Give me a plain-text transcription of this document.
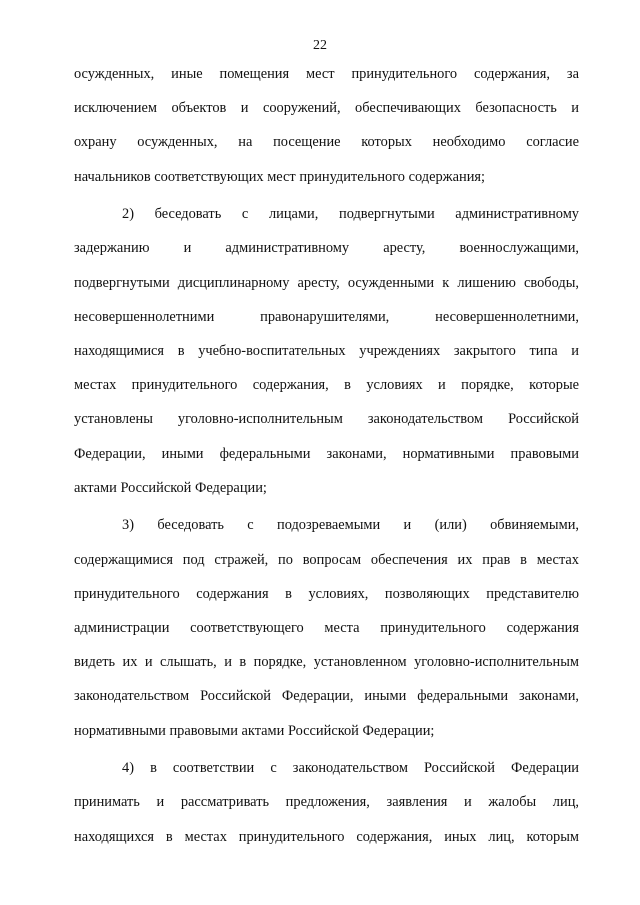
22
осужденных, иные помещения мест принудительного содержания, за
исключением объектов и сооружений, обеспечивающих безопасность и
охрану осужденных, на посещение которых необходимо согласие
начальников соответствующих мест принудительного содержания;
2) беседовать с лицами, подвергнутыми административному
задержанию и административному аресту, военнослужащими,
подвергнутыми дисциплинарному аресту, осужденными к лишению свободы,
несовершеннолетними правонарушителями, несовершеннолетними,
находящимися в учебно-воспитательных учреждениях закрытого типа и
местах принудительного содержания, в условиях и порядке, которые
установлены уголовно-исполнительным законодательством Российской
Федерации, иными федеральными законами, нормативными правовыми
актами Российской Федерации;
3) беседовать с подозреваемыми и (или) обвиняемыми,
содержащимися под стражей, по вопросам обеспечения их прав в местах
принудительного содержания в условиях, позволяющих представителю
администрации соответствующего места принудительного содержания
видеть их и слышать, и в порядке, установленном уголовно-исполнительным
законодательством Российской Федерации, иными федеральными законами,
нормативными правовыми актами Российской Федерации;
4) в соответствии с законодательством Российской Федерации
принимать и рассматривать предложения, заявления и жалобы лиц,
находящихся в местах принудительного содержания, иных лиц, которым
